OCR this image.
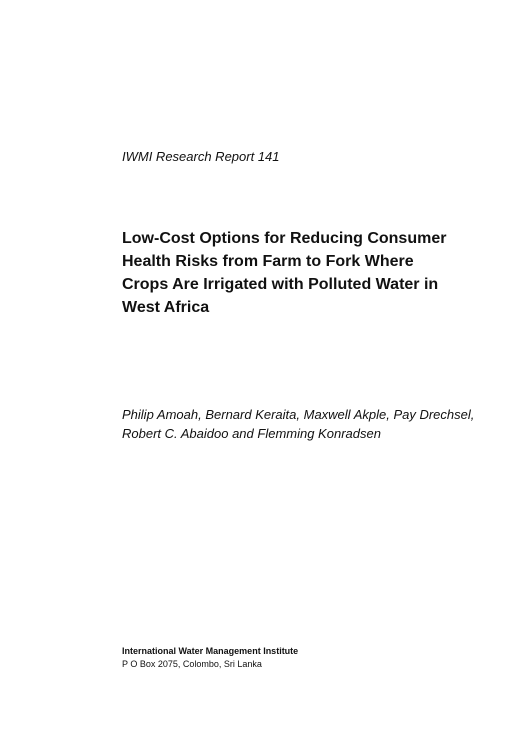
IWMI Research Report 141
Low-Cost Options for Reducing Consumer
Health Risks from Farm to Fork Where
Crops Are Irrigated with Polluted Water in
West Africa
Philip Amoah, Bernard Keraita, Maxwell Akple, Pay Drechsel,
Robert C. Abaidoo and Flemming Konradsen
International Water Management Institute
P O Box 2075, Colombo, Sri Lanka
